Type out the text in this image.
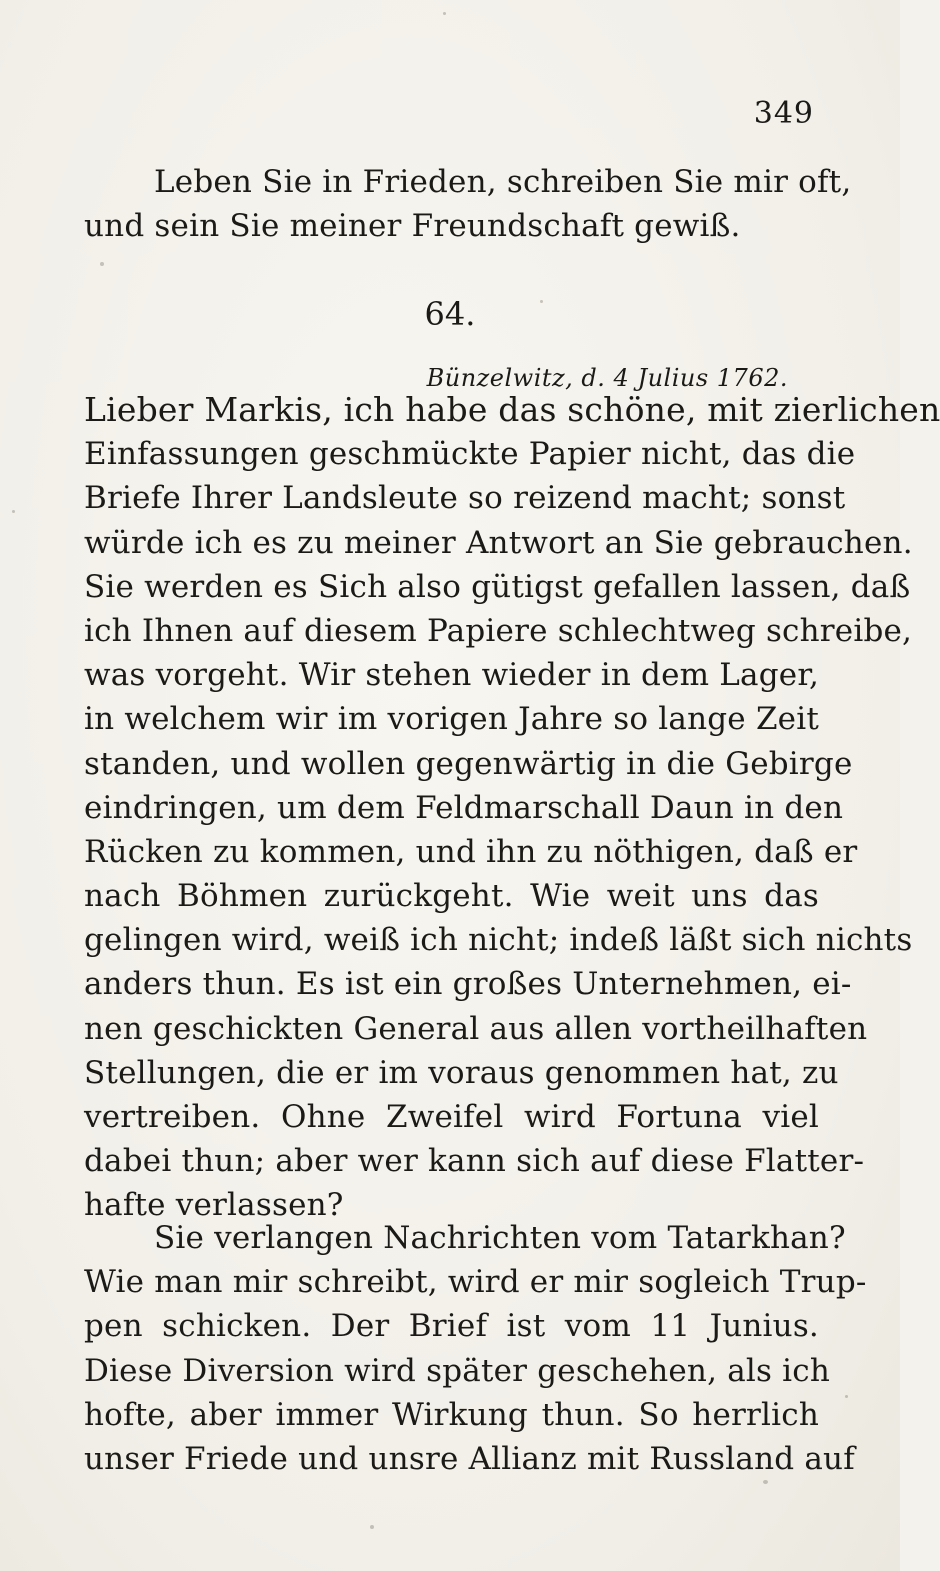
349
Leben Sie in Frieden, schreiben Sie mir oft,
und sein Sie meiner Freundschaft gewiß.
64.
Bünzelwitz, d. 4 Julius 1762.
Lieber Markis, ich habe das schöne, mit zierlichen
Einfassungen geschmückte Papier nicht, das die
Briefe Ihrer Landsleute so reizend macht; sonst
würde ich es zu meiner Antwort an Sie gebrauchen.
Sie werden es Sich also gütigst gefallen lassen, daß
ich Ihnen auf diesem Papiere schlechtweg schreibe,
was vorgeht. Wir stehen wieder in dem Lager,
in welchem wir im vorigen Jahre so lange Zeit
standen, und wollen gegenwärtig in die Gebirge
eindringen, um dem Feldmarschall Daun in den
Rücken zu kommen, und ihn zu nöthigen, daß er
nach Böhmen zurückgeht. Wie weit uns das
gelingen wird, weiß ich nicht; indeß läßt sich nichts
anders thun. Es ist ein großes Unternehmen, ei-
nen geschickten General aus allen vortheilhaften
Stellungen, die er im voraus genommen hat, zu
vertreiben. Ohne Zweifel wird Fortuna viel
dabei thun; aber wer kann sich auf diese Flatter-
hafte verlassen?
Sie verlangen Nachrichten vom Tatarkhan?
Wie man mir schreibt, wird er mir sogleich Trup-
pen schicken. Der Brief ist vom 11 Junius.
Diese Diversion wird später geschehen, als ich
hofte, aber immer Wirkung thun. So herrlich
unser Friede und unsre Allianz mit Russland auf
